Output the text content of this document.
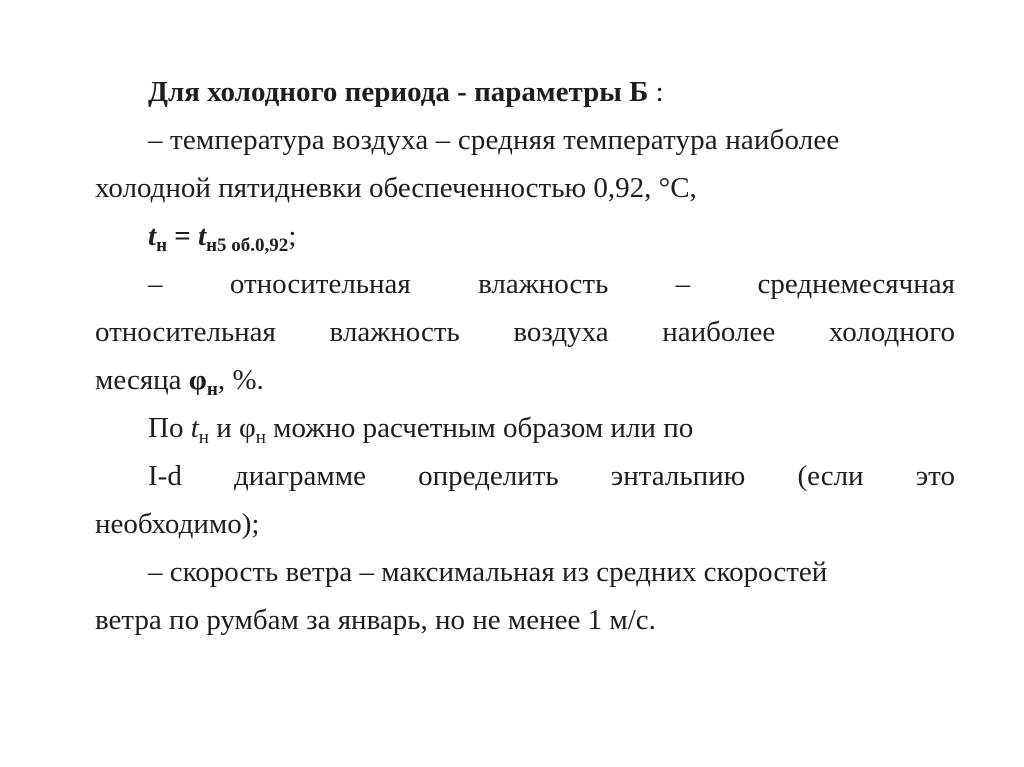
Для холодного периода - параметры Б :
– температура воздуха – средняя температура наиболее
холодной пятидневки обеспеченностью 0,92, °С,
$t_н = t_{н5 об.0,92}$;
– относительная влажность – среднемесячная
относительная влажность воздуха наиболее холодного
месяца $\varphi_н$, %.
По $t_н$ и $\varphi_н$ можно расчетным образом или по
I-d диаграмме определить энтальпию (если это
необходимо);
– скорость ветра – максимальная из средних скоростей
ветра по румбам за январь, но не менее 1 м/с.
